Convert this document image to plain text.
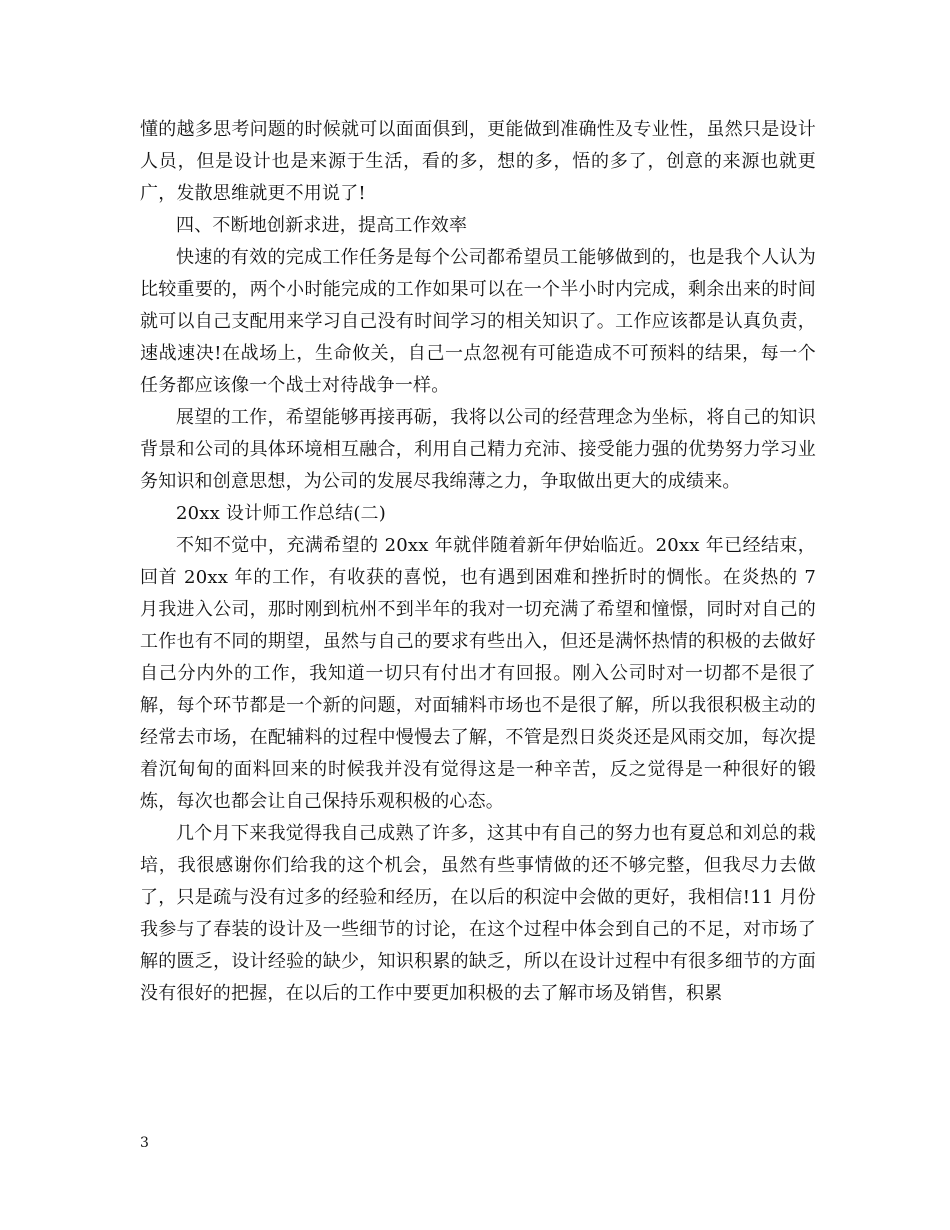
懂的越多思考问题的时候就可以面面俱到，更能做到准确性及专业性，虽然只是设计人员，但是设计也是来源于生活，看的多，想的多，悟的多了，创意的来源也就更广，发散思维就更不用说了!

四、不断地创新求进，提高工作效率

快速的有效的完成工作任务是每个公司都希望员工能够做到的，也是我个人认为比较重要的，两个小时能完成的工作如果可以在一个半小时内完成，剩余出来的时间就可以自己支配用来学习自己没有时间学习的相关知识了。工作应该都是认真负责，速战速决!在战场上，生命攸关，自己一点忽视有可能造成不可预料的结果，每一个任务都应该像一个战士对待战争一样。

展望的工作，希望能够再接再砺，我将以公司的经营理念为坐标，将自己的知识背景和公司的具体环境相互融合，利用自己精力充沛、接受能力强的优势努力学习业务知识和创意思想，为公司的发展尽我绵薄之力，争取做出更大的成绩来。

20xx 设计师工作总结(二)

不知不觉中，充满希望的 20xx 年就伴随着新年伊始临近。20xx 年已经结束，回首 20xx 年的工作，有收获的喜悦，也有遇到困难和挫折时的惆怅。在炎热的 7 月我进入公司，那时刚到杭州不到半年的我对一切充满了希望和憧憬，同时对自己的工作也有不同的期望，虽然与自己的要求有些出入，但还是满怀热情的积极的去做好自己分内外的工作，我知道一切只有付出才有回报。刚入公司时对一切都不是很了解，每个环节都是一个新的问题，对面辅料市场也不是很了解，所以我很积极主动的经常去市场，在配辅料的过程中慢慢去了解，不管是烈日炎炎还是风雨交加，每次提着沉甸甸的面料回来的时候我并没有觉得这是一种辛苦，反之觉得是一种很好的锻炼，每次也都会让自己保持乐观积极的心态。

几个月下来我觉得我自己成熟了许多，这其中有自己的努力也有夏总和刘总的栽培，我很感谢你们给我的这个机会，虽然有些事情做的还不够完整，但我尽力去做了，只是疏与没有过多的经验和经历，在以后的积淀中会做的更好，我相信!11 月份我参与了春装的设计及一些细节的讨论，在这个过程中体会到自己的不足，对市场了解的匮乏，设计经验的缺少，知识积累的缺乏，所以在设计过程中有很多细节的方面没有很好的把握，在以后的工作中要更加积极的去了解市场及销售，积累

3
